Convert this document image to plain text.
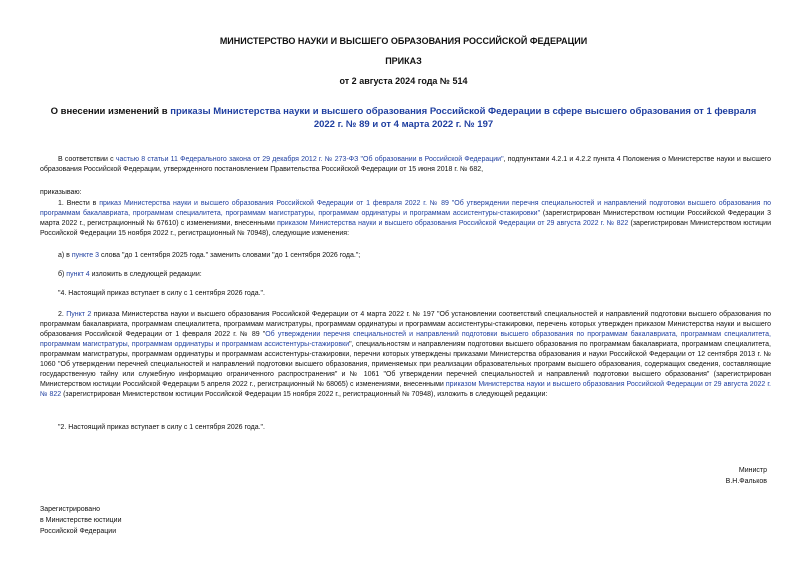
МИНИСТЕРСТВО НАУКИ И ВЫСШЕГО ОБРАЗОВАНИЯ РОССИЙСКОЙ ФЕДЕРАЦИИ
ПРИКАЗ
от 2 августа 2024 года № 514
О внесении изменений в приказы Министерства науки и высшего образования Российской Федерации в сфере высшего образования от 1 февраля 2022 г. № 89 и от 4 марта 2022 г. № 197
В соответствии с частью 8 статьи 11 Федерального закона от 29 декабря 2012 г. № 273-ФЗ "Об образовании в Российской Федерации", подпунктами 4.2.1 и 4.2.2 пункта 4 Положения о Министерстве науки и высшего образования Российской Федерации, утвержденного постановлением Правительства Российской Федерации от 15 июня 2018 г. № 682,
приказываю:
1. Внести в приказ Министерства науки и высшего образования Российской Федерации от 1 февраля 2022 г. № 89 "Об утверждении перечня специальностей и направлений подготовки высшего образования по программам бакалавриата, программам специалитета, программам магистратуры, программам ординатуры и программам ассистентуры-стажировки" (зарегистрирован Министерством юстиции Российской Федерации 3 марта 2022 г., регистрационный № 67610) с изменениями, внесенными приказом Министерства науки и высшего образования Российской Федерации от 29 августа 2022 г. № 822 (зарегистрирован Министерством юстиции Российской Федерации 15 ноября 2022 г., регистрационный № 70948), следующие изменения:
а) в пункте 3 слова "до 1 сентября 2025 года." заменить словами "до 1 сентября 2026 года.";
б) пункт 4 изложить в следующей редакции:
"4. Настоящий приказ вступает в силу с 1 сентября 2026 года.".
2. Пункт 2 приказа Министерства науки и высшего образования Российской Федерации от 4 марта 2022 г. № 197 "Об установлении соответствий специальностей и направлений подготовки высшего образования по программам бакалавриата, программам специалитета, программам магистратуры, программам ординатуры и программам ассистентуры-стажировки, перечень которых утвержден приказом Министерства науки и высшего образования Российской Федерации от 1 февраля 2022 г. № 89 "Об утверждении перечня специальностей и направлений подготовки высшего образования по программам бакалавриата, программам специалитета, программам магистратуры, программам ординатуры и программам ассистентуры-стажировки", специальностям и направлениям подготовки высшего образования по программам бакалавриата, программам специалитета, программам магистратуры, программам ординатуры и программам ассистентуры-стажировки, перечни которых утверждены приказами Министерства образования и науки Российской Федерации от 12 сентября 2013 г. № 1060 "Об утверждении перечней специальностей и направлений подготовки высшего образования, применяемых при реализации образовательных программ высшего образования, содержащих сведения, составляющие государственную тайну или служебную информацию ограниченного распространения" и № 1061 "Об утверждении перечней специальностей и направлений подготовки высшего образования" (зарегистрирован Министерством юстиции Российской Федерации 5 апреля 2022 г., регистрационный № 68065) с изменениями, внесенными приказом Министерства науки и высшего образования Российской Федерации от 29 августа 2022 г. № 822 (зарегистрирован Министерством юстиции Российской Федерации 15 ноября 2022 г., регистрационный № 70948), изложить в следующей редакции:
"2. Настоящий приказ вступает в силу с 1 сентября 2026 года.".
Министр
В.Н.Фальков
Зарегистрировано
в Министерстве юстиции
Российской Федерации
